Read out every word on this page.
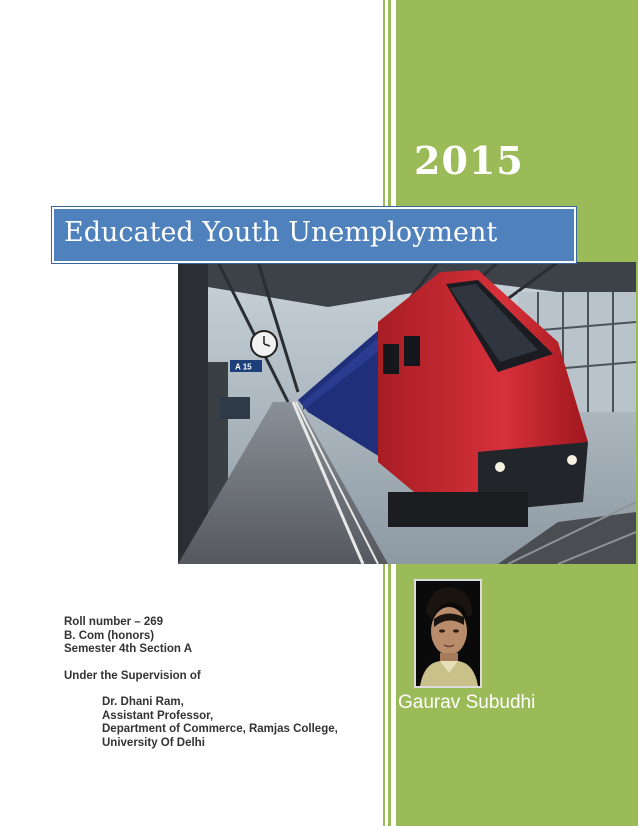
2015
A 15
Educated Youth Unemployment
Gaurav Subudhi
Roll number – 269
B. Com (honors)
Semester 4th Section A
Under the Supervision of
Dr. Dhani Ram,
Assistant Professor,
Department of Commerce, Ramjas College,
University Of Delhi
